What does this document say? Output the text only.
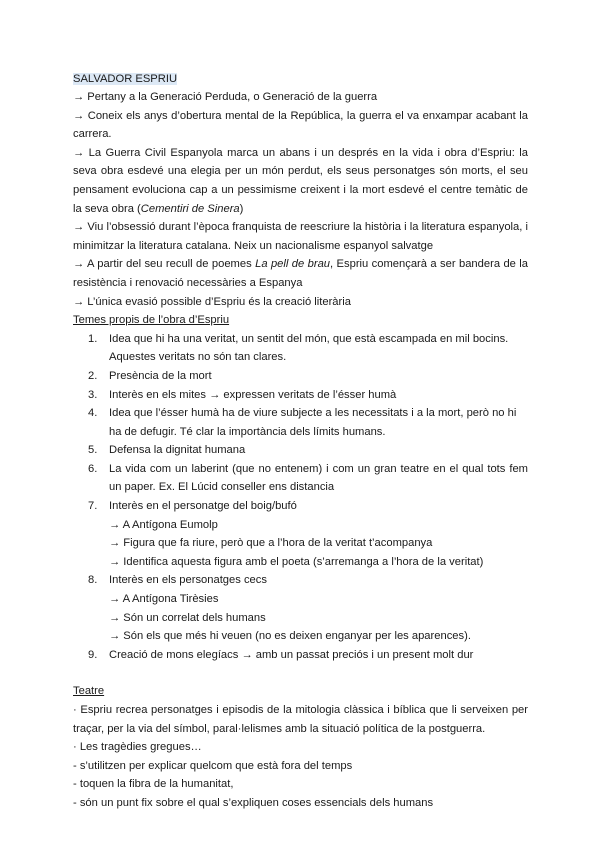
SALVADOR ESPRIU

→ Pertany a la Generació Perduda, o Generació de la guerra

→ Coneix els anys d’obertura mental de la República, la guerra el va enxampar acabant la carrera.

→ La Guerra Civil Espanyola marca un abans i un després en la vida i obra d’Espriu: la seva obra esdevé una elegia per un món perdut, els seus personatges són morts, el seu pensament evoluciona cap a un pessimisme creixent i la mort esdevé el centre temàtic de la seva obra (Cementiri de Sinera)

→ Viu l’obsessió durant l’època franquista de reescriure la història i la literatura espanyola, i minimitzar la literatura catalana. Neix un nacionalisme espanyol salvatge

→ A partir del seu recull de poemes La pell de brau, Espriu començarà a ser bandera de la resistència i renovació necessàries a Espanya

→ L’única evasió possible d’Espriu és la creació literària

Temes propis de l’obra d’Espriu

1. Idea que hi ha una veritat, un sentit del món, que està escampada en mil bocins. Aquestes veritats no són tan clares.
2. Presència de la mort
3. Interès en els mites → expressen veritats de l’ésser humà
4. Idea que l’ésser humà ha de viure subjecte a les necessitats i a la mort, però no hi ha de defugir. Té clar la importància dels límits humans.
5. Defensa la dignitat humana
6. La vida com un laberint (que no entenem) i com un gran teatre en el qual tots fem un paper. Ex. El Lúcid conseller ens distancia
7. Interès en el personatge del boig/bufó
→ A Antígona Eumolp
→ Figura que fa riure, però que a l’hora de la veritat t’acompanya
→ Identifica aquesta figura amb el poeta (s’arremanga a l’hora de la veritat)
8. Interès en els personatges cecs
→ A Antígona Tirèsies
→ Són un correlat dels humans
→ Són els que més hi veuen (no es deixen enganyar per les aparences).
9. Creació de mons elegíacs → amb un passat preciós i un present molt dur

Teatre

· Espriu recrea personatges i episodis de la mitologia clàssica i bíblica que li serveixen per traçar, per la via del símbol, paral·lelismes amb la situació política de la postguerra.

· Les tragèdies gregues…

- s’utilitzen per explicar quelcom que està fora del temps

- toquen la fibra de la humanitat,

- són un punt fix sobre el qual s’expliquen coses essencials dels humans
